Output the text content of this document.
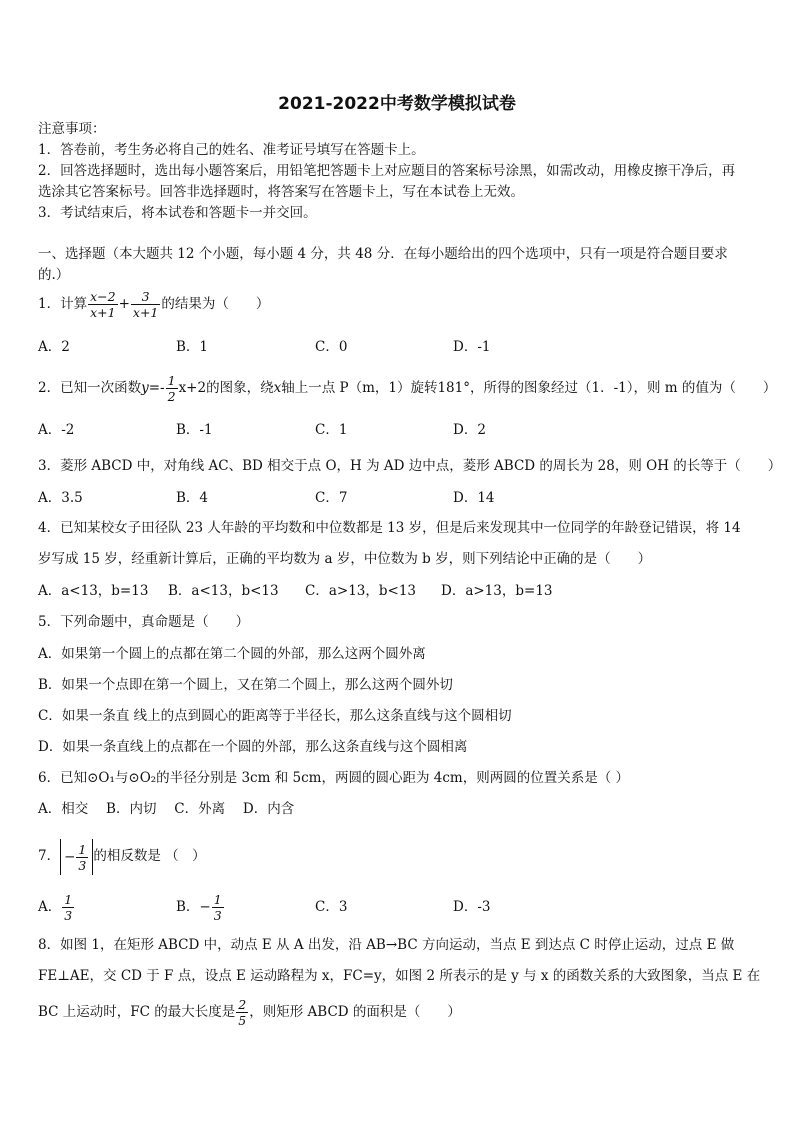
2021-2022中考数学模拟试卷
注意事项：
1．答卷前，考生务必将自己的姓名、准考证号填写在答题卡上。
2．回答选择题时，选出每小题答案后，用铅笔把答题卡上对应题目的答案标号涂黑，如需改动，用橡皮擦干净后，再
选涂其它答案标号。回答非选择题时，将答案写在答题卡上，写在本试卷上无效。
3．考试结束后，将本试卷和答题卡一并交回。
一、选择题（本大题共 12 个小题，每小题 4 分，共 48 分．在每小题给出的四个选项中，只有一项是符合题目要求
的.）
1．计算 $\frac{x-2}{x+1} + \frac{3}{x+1}$ 的结果为（　　）
A．2	B．1	C．0	D．-1
2．已知一次函数$y=- \frac{1}{2} x+2$的图象，绕x轴上一点 P（m，1）旋转181°，所得的图象经过（1．-1），则 m 的值为（　　）
A．-2	B．-1	C．1	D．2
3．菱形 ABCD 中，对角线 AC、BD 相交于点 O，H 为 AD 边中点，菱形 ABCD 的周长为 28，则 OH 的长等于（　　）
A．3.5	B．4	C．7	D．14
4．已知某校女子田径队 23 人年龄的平均数和中位数都是 13 岁，但是后来发现其中一位同学的年龄登记错误，将 14
岁写成 15 岁，经重新计算后，正确的平均数为 a 岁，中位数为 b 岁，则下列结论中正确的是（　　）
A．a<13，b=13 B．a<13，b<13 C．a>13，b<13 D．a>13，b=13
5．下列命题中，真命题是（　　）
A．如果第一个圆上的点都在第二个圆的外部，那么这两个圆外离
B．如果一个点即在第一个圆上，又在第二个圆上，那么这两个圆外切
C．如果一条直 线上的点到圆心的距离等于半径长，那么这条直线与这个圆相切
D．如果一条直线上的点都在一个圆的外部，那么这条直线与这个圆相离
6．已知⊙O₁与⊙O₂的半径分别是 3cm 和 5cm，两圆的圆心距为 4cm，则两圆的位置关系是（ ）
A．相交　 B．内切　 C．外离　 D．内含
7． − $\frac{1}{3}$ 的相反数是 （　）
A． $\frac{1}{3}$	B．− $\frac{1}{3}$	C．3	D．-3
8．如图 1，在矩形 ABCD 中，动点 E 从 A 出发，沿 AB→BC 方向运动，当点 E 到达点 C 时停止运动，过点 E 做
FE⊥AE，交 CD 于 F 点，设点 E 运动路程为 x，FC=y，如图 2 所表示的是 y 与 x 的函数关系的大致图象，当点 E 在
BC 上运动时，FC 的最大长度是 $\frac{2}{5}$ ，则矩形 ABCD 的面积是（　　）
